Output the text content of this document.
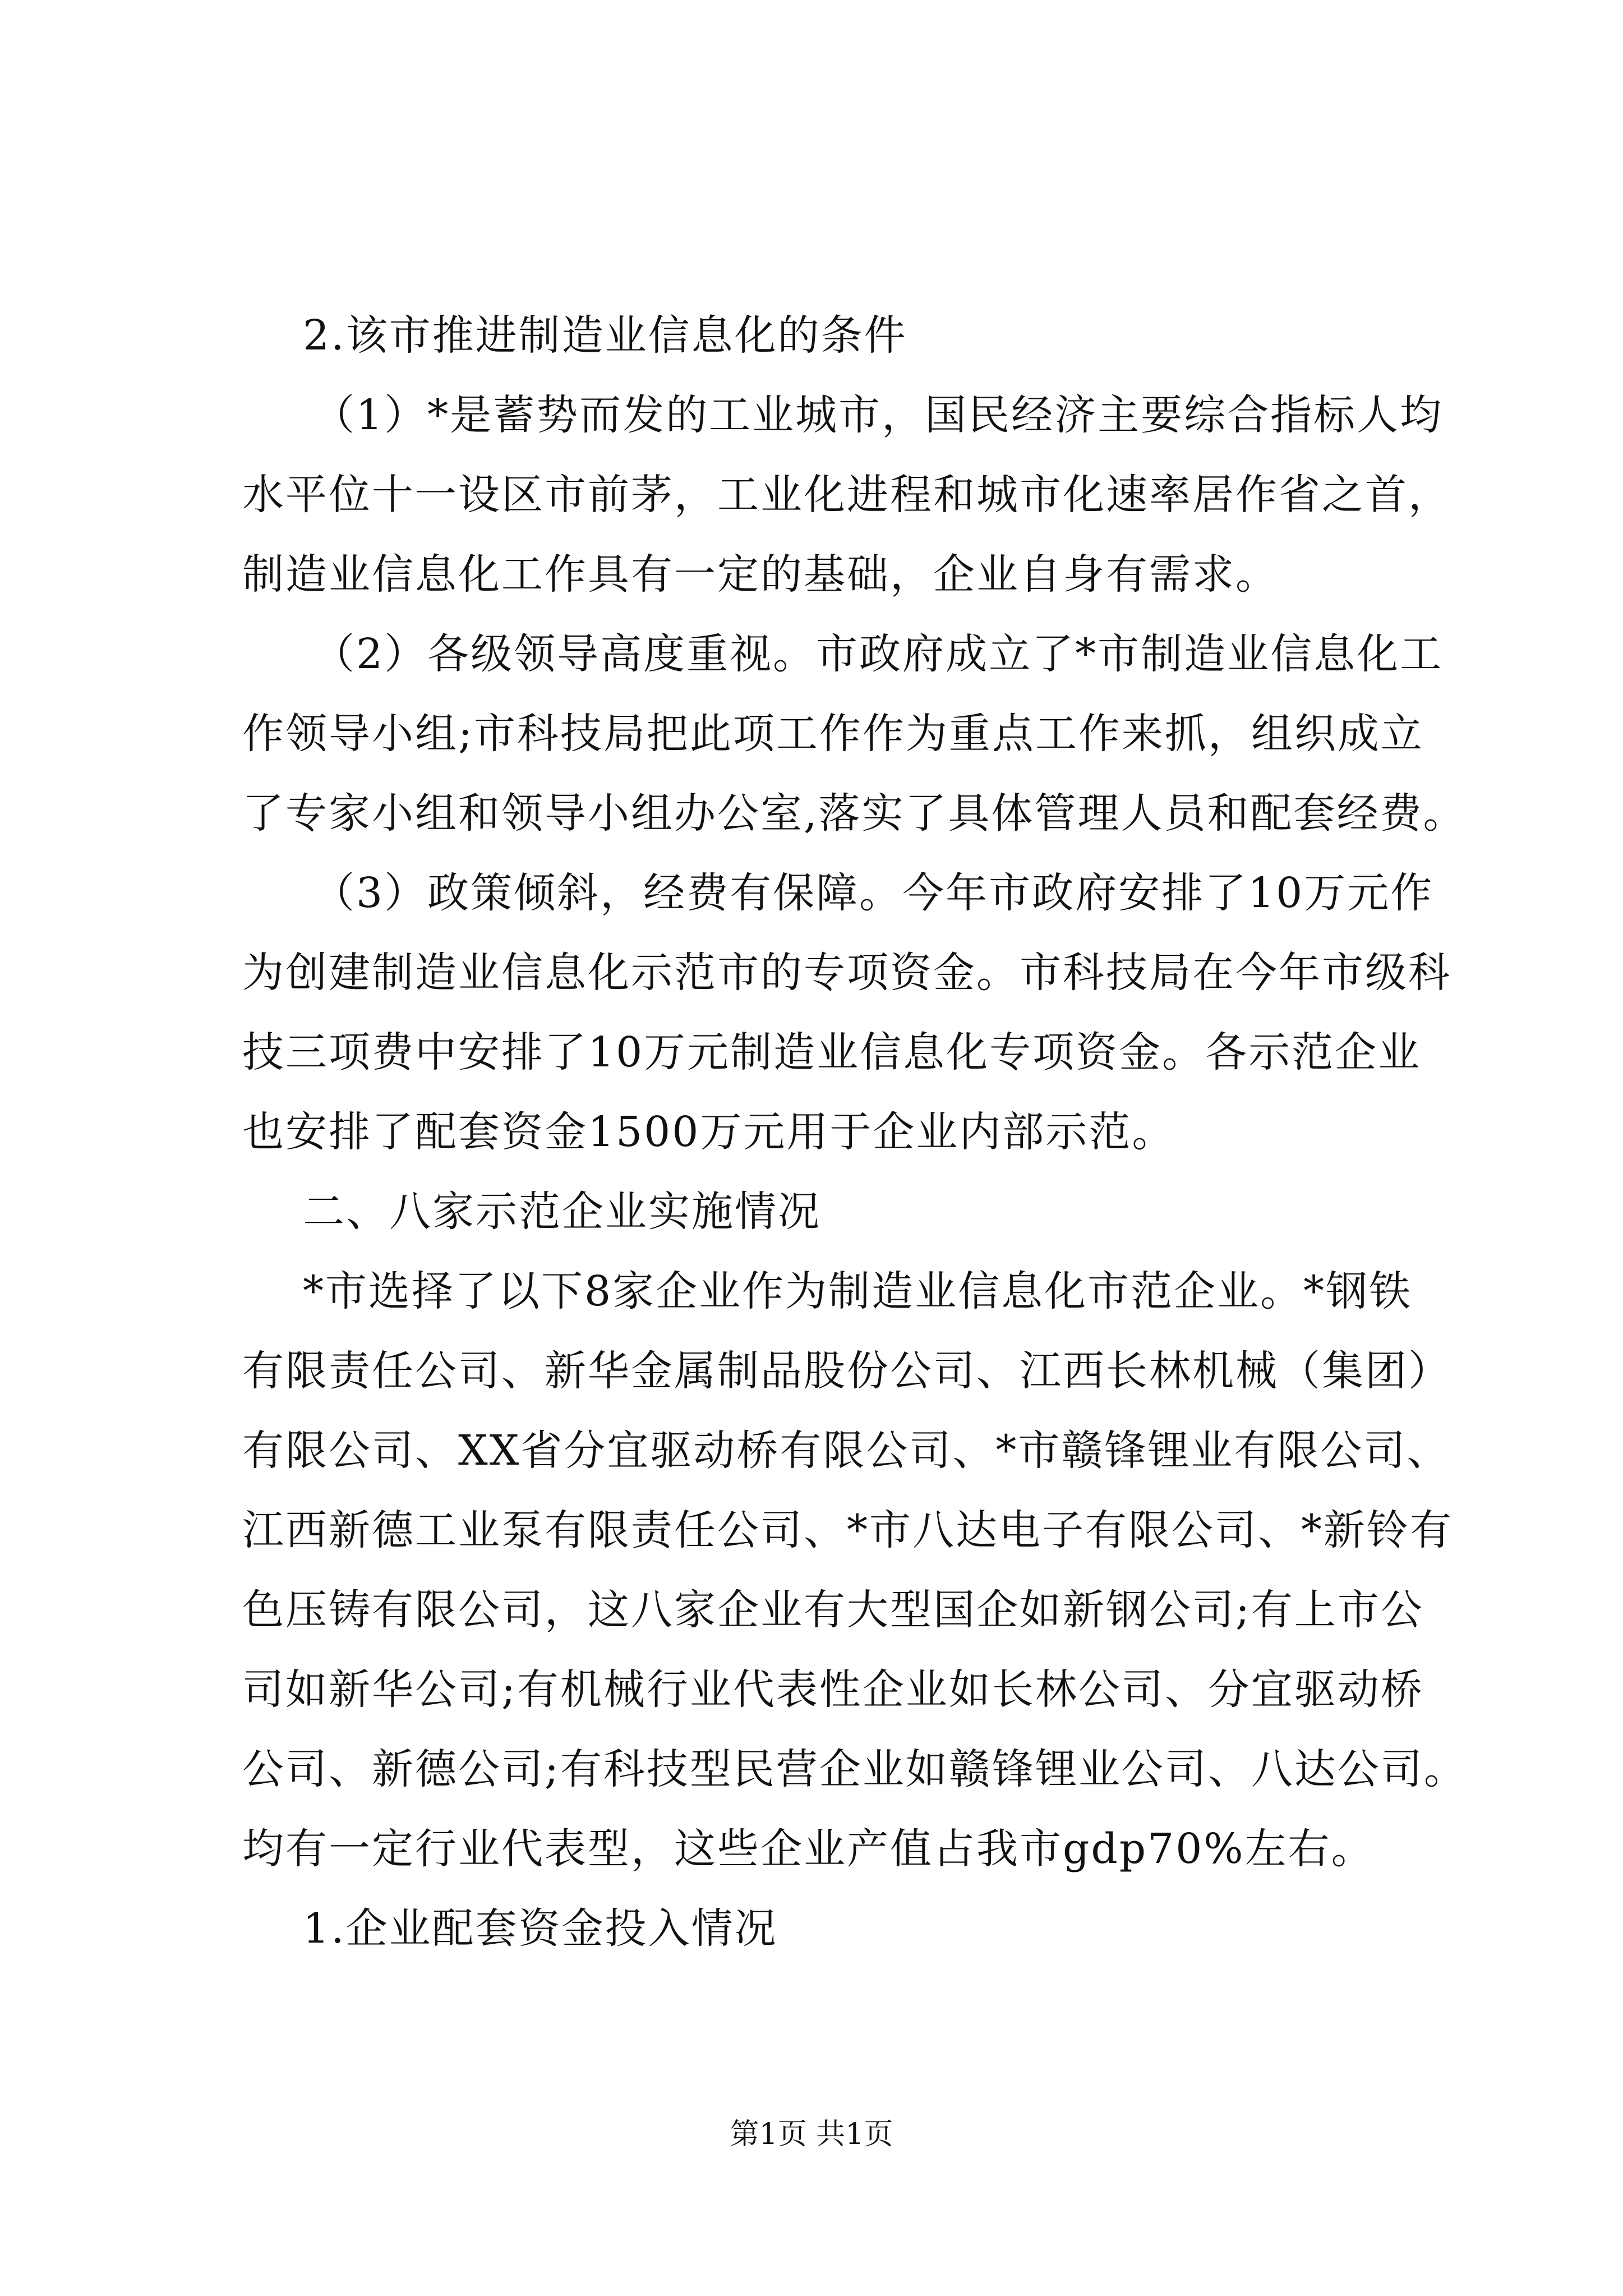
2.该市推进制造业信息化的条件
（1）*是蓄势而发的工业城市，国民经济主要综合指标人均
水平位十一设区市前茅，工业化进程和城市化速率居作省之首，
制造业信息化工作具有一定的基础，企业自身有需求。
（2）各级领导高度重视。市政府成立了*市制造业信息化工
作领导小组;市科技局把此项工作作为重点工作来抓，组织成立
了专家小组和领导小组办公室,落实了具体管理人员和配套经费。
（3）政策倾斜，经费有保障。今年市政府安排了10万元作
为创建制造业信息化示范市的专项资金。市科技局在今年市级科
技三项费中安排了10万元制造业信息化专项资金。各示范企业
也安排了配套资金1500万元用于企业内部示范。
二、八家示范企业实施情况
*市选择了以下8家企业作为制造业信息化市范企业。*钢铁
有限责任公司、新华金属制品股份公司、江西长林机械（集团）
有限公司、XX省分宜驱动桥有限公司、*市赣锋锂业有限公司、
江西新德工业泵有限责任公司、*市八达电子有限公司、*新铃有
色压铸有限公司，这八家企业有大型国企如新钢公司;有上市公
司如新华公司;有机械行业代表性企业如长林公司、分宜驱动桥
公司、新德公司;有科技型民营企业如赣锋锂业公司、八达公司。
均有一定行业代表型，这些企业产值占我市gdp70%左右。
1.企业配套资金投入情况
第1页 共1页
